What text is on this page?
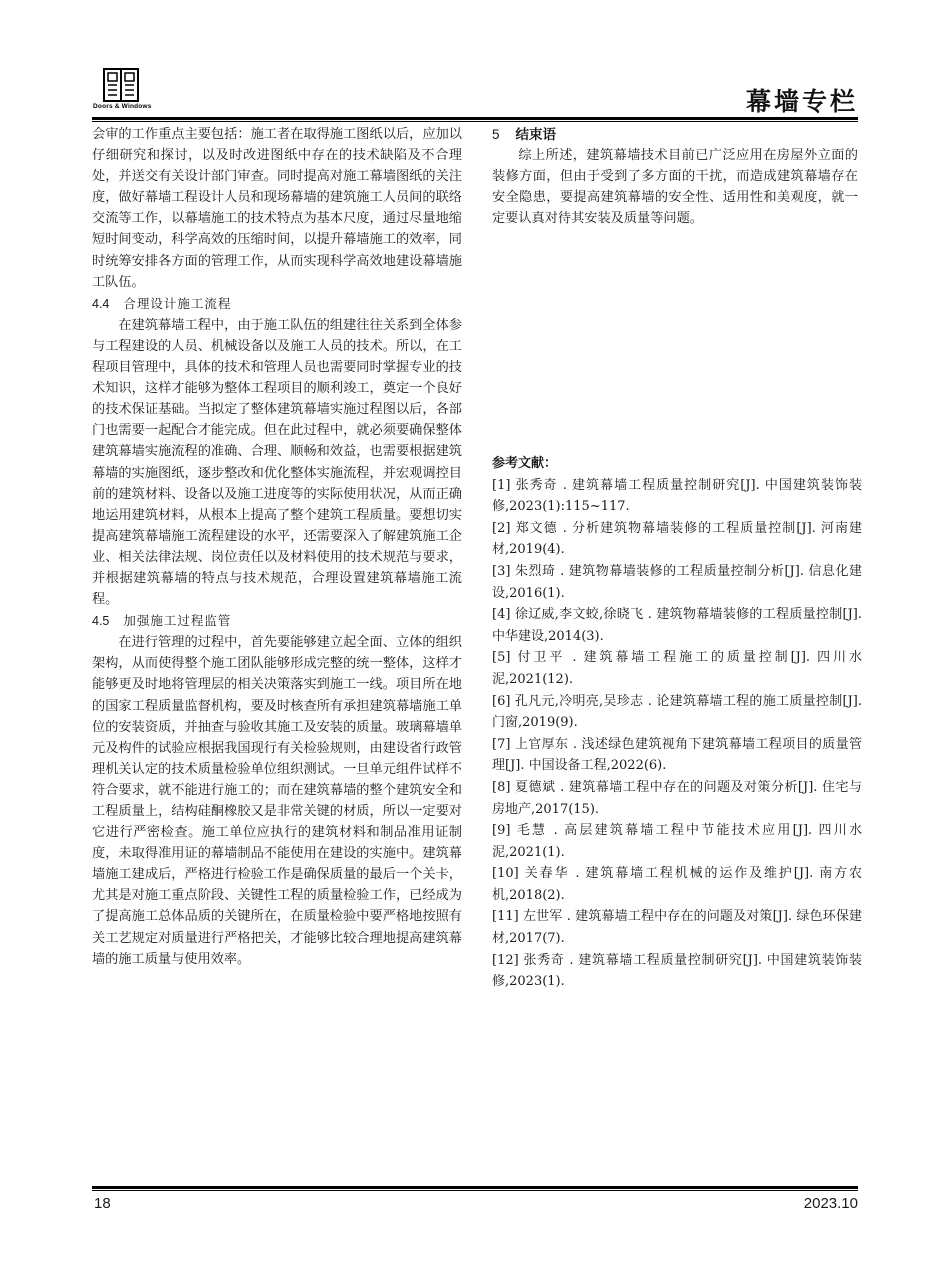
Doors & Windows	幕墙专栏

会审的工作重点主要包括：施工者在取得施工图纸以后，应加以仔细研究和探讨，以及时改进图纸中存在的技术缺陷及不合理处，并送交有关设计部门审查。同时提高对施工幕墙图纸的关注度，做好幕墙工程设计人员和现场幕墙的建筑施工人员间的联络交流等工作，以幕墙施工的技术特点为基本尺度，通过尽量地缩短时间变动，科学高效的压缩时间，以提升幕墙施工的效率，同时统筹安排各方面的管理工作，从而实现科学高效地建设幕墙施工队伍。

4.4 合理设计施工流程

在建筑幕墙工程中，由于施工队伍的组建往往关系到全体参与工程建设的人员、机械设备以及施工人员的技术。所以，在工程项目管理中，具体的技术和管理人员也需要同时掌握专业的技术知识，这样才能够为整体工程项目的顺利竣工，奠定一个良好的技术保证基础。当拟定了整体建筑幕墙实施过程图以后，各部门也需要一起配合才能完成。但在此过程中，就必须要确保整体建筑幕墙实施流程的准确、合理、顺畅和效益，也需要根据建筑幕墙的实施图纸，逐步整改和优化整体实施流程，并宏观调控目前的建筑材料、设备以及施工进度等的实际使用状况，从而正确地运用建筑材料，从根本上提高了整个建筑工程质量。要想切实提高建筑幕墙施工流程建设的水平，还需要深入了解建筑施工企业、相关法律法规、岗位责任以及材料使用的技术规范与要求，并根据建筑幕墙的特点与技术规范，合理设置建筑幕墙施工流程。

4.5 加强施工过程监管

在进行管理的过程中，首先要能够建立起全面、立体的组织架构，从而使得整个施工团队能够形成完整的统一整体，这样才能够更及时地将管理层的相关决策落实到施工一线。项目所在地的国家工程质量监督机构，要及时核查所有承担建筑幕墙施工单位的安装资质，并抽查与验收其施工及安装的质量。玻璃幕墙单元及构件的试验应根据我国现行有关检验规则，由建设省行政管理机关认定的技术质量检验单位组织测试。一旦单元组件试样不符合要求，就不能进行施工的；而在建筑幕墙的整个建筑安全和工程质量上，结构硅酮橡胶又是非常关键的材质，所以一定要对它进行严密检查。施工单位应执行的建筑材料和制品准用证制度，未取得准用证的幕墙制品不能使用在建设的实施中。建筑幕墙施工建成后，严格进行检验工作是确保质量的最后一个关卡，尤其是对施工重点阶段、关键性工程的质量检验工作，已经成为了提高施工总体品质的关键所在，在质量检验中要严格地按照有关工艺规定对质量进行严格把关，才能够比较合理地提高建筑幕墙的施工质量与使用效率。

5 结束语

综上所述，建筑幕墙技术目前已广泛应用在房屋外立面的装修方面，但由于受到了多方面的干扰，而造成建筑幕墙存在安全隐患，要提高建筑幕墙的安全性、适用性和美观度，就一定要认真对待其安装及质量等问题。

参考文献：

[1] 张秀奇 . 建筑幕墙工程质量控制研究[J]. 中国建筑装饰装修,2023(1):115~117.

[2] 郑文德 . 分析建筑物幕墙装修的工程质量控制[J]. 河南建材,2019(4).

[3] 朱烈琦 . 建筑物幕墙装修的工程质量控制分析[J]. 信息化建设,2016(1).

[4] 徐辽威,李文蛟,徐晓飞 . 建筑物幕墙装修的工程质量控制[J]. 中华建设,2014(3).

[5] 付卫平 . 建筑幕墙工程施工的质量控制[J]. 四川水泥,2021(12).

[6] 孔凡元,冷明亮,吴珍志 . 论建筑幕墙工程的施工质量控制[J]. 门窗,2019(9).

[7] 上官厚东 . 浅述绿色建筑视角下建筑幕墙工程项目的质量管理[J]. 中国设备工程,2022(6).

[8] 夏德斌 . 建筑幕墙工程中存在的问题及对策分析[J]. 住宅与房地产,2017(15).

[9] 毛慧 . 高层建筑幕墙工程中节能技术应用[J]. 四川水泥,2021(1).

[10] 关春华 . 建筑幕墙工程机械的运作及维护[J]. 南方农机,2018(2).

[11] 左世军 . 建筑幕墙工程中存在的问题及对策[J]. 绿色环保建材,2017(7).

[12] 张秀奇 . 建筑幕墙工程质量控制研究[J]. 中国建筑装饰装修,2023(1).

18	2023.10
